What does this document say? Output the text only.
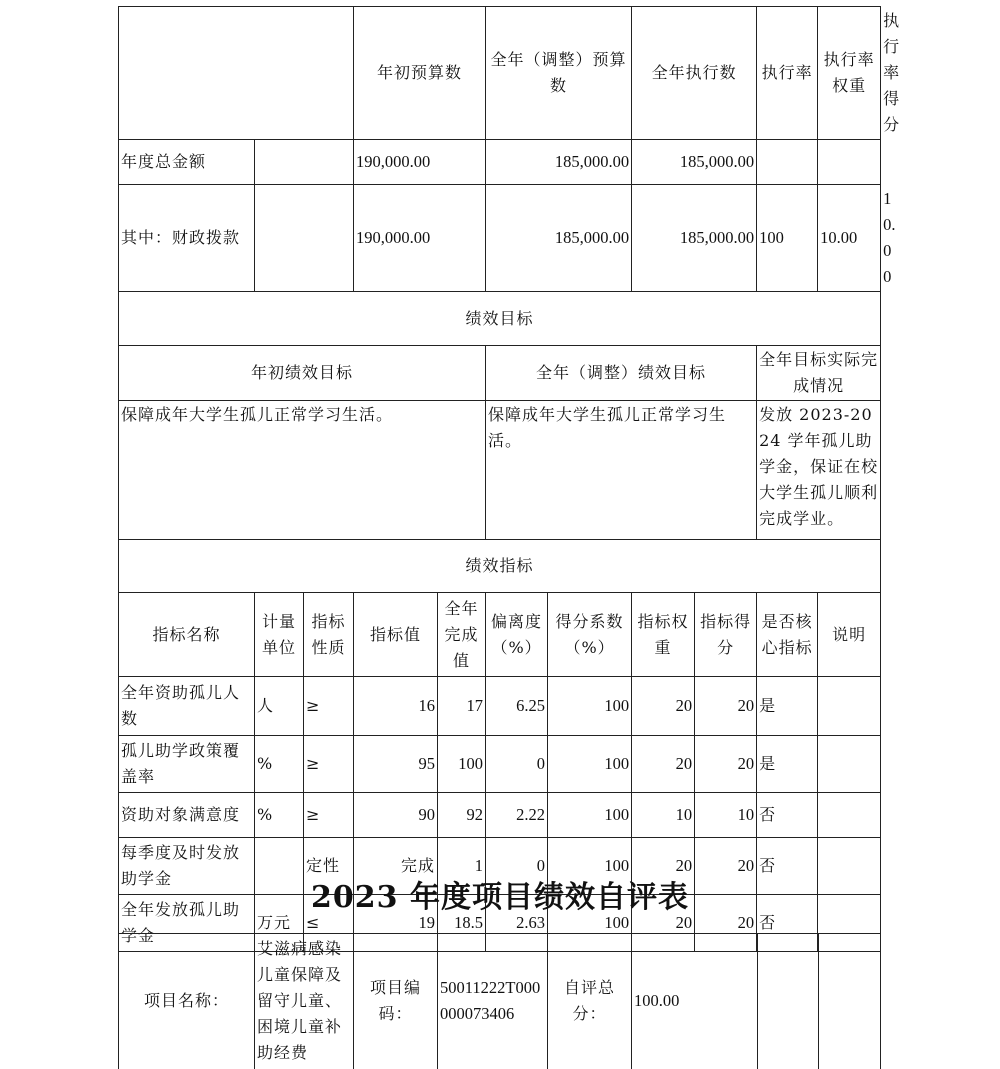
			年初预算数		全年（调整）预算数		全年执行数		执行率	执行率权重	执行率得分
年度总金额			190,000.00		185,000.00		185,000.00				
其中：财政拨款			190,000.00		185,000.00		185,000.00		100	10.00	10.00
绩效目标											
年初绩效目标					全年（调整）绩效目标				全年目标实际完成情况		
保障成年大学生孤儿正常学习生活。					保障成年大学生孤儿正常学习生活。				发放 2023-2024 学年孤儿助学金，保证在校大学生孤儿顺利完成学业。		
绩效指标											
指标名称	计量单位	指标性质	指标值	全年完成值	偏离度（%）	得分系数（%）	指标权重	指标得分	是否核心指标	说明	
全年资助孤儿人数	人	≥	16	17	6.25	100	20	20	是		
孤儿助学政策覆盖率	%	≥	95	100	0	100	20	20	是		
资助对象满意度	%	≥	90	92	2.22	100	10	10	否		
每季度及时发放助学金		定性	完成	1	0	100	20	20	否		
全年发放孤儿助学金	万元	≤	19	18.5	2.63	100	20	20	否		
2023 年度项目绩效自评表
项目名称：	艾滋病感染儿童保障及留守儿童、困境儿童补助经费	项目编码：	50011222T000000073406	自评总分：	100.00		
